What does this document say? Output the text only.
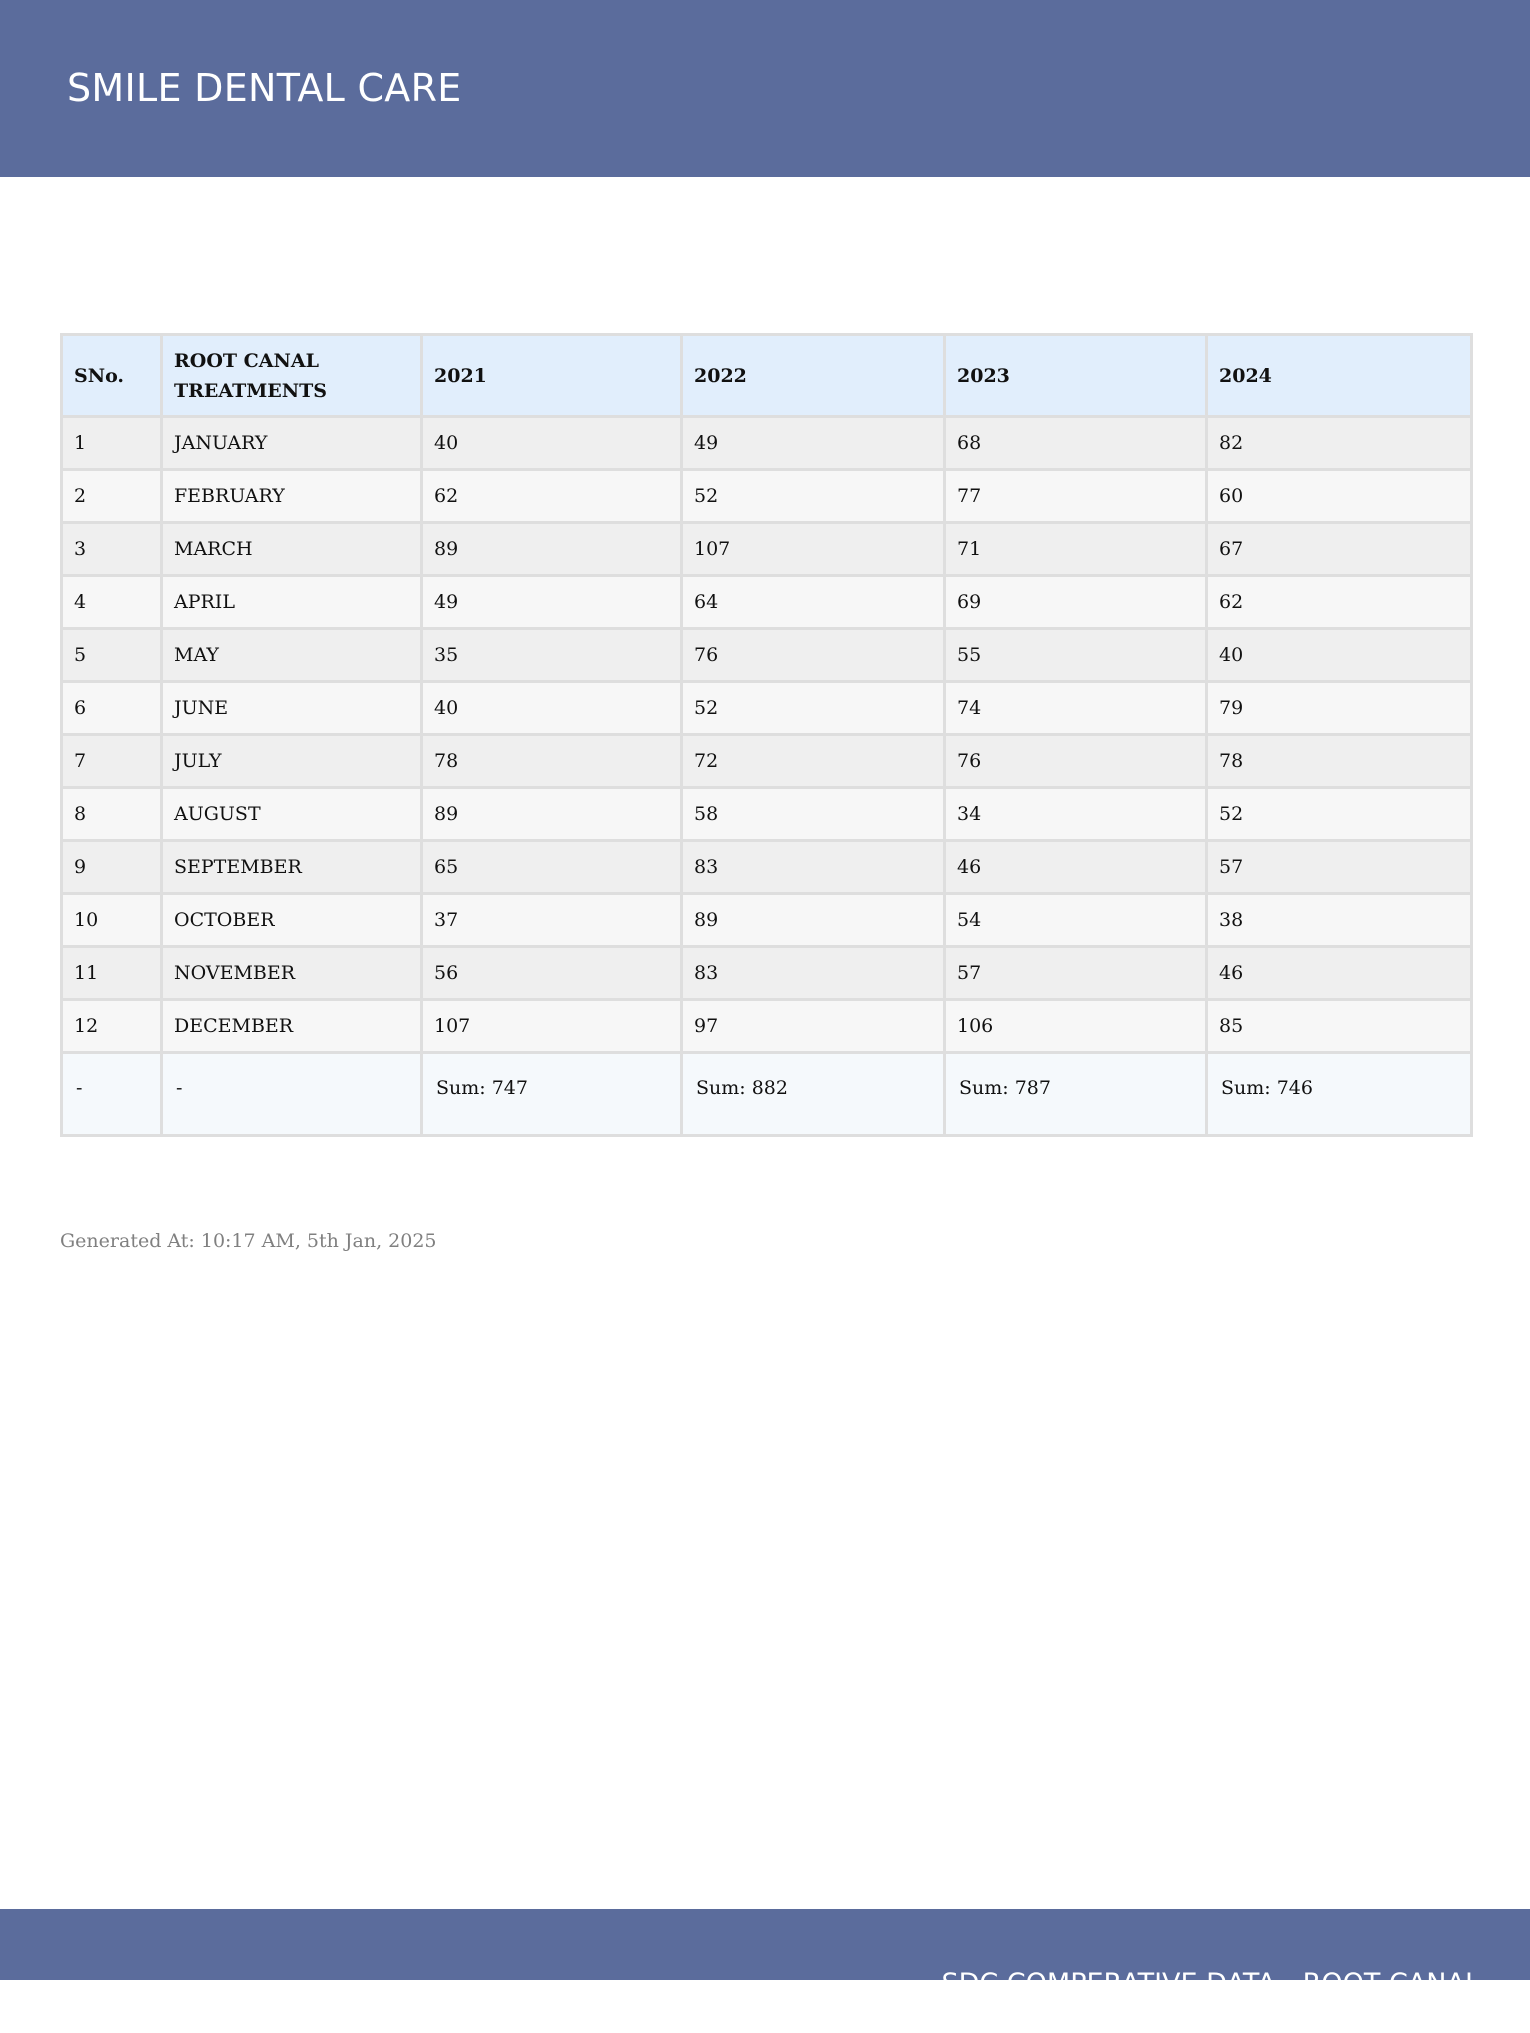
SMILE DENTAL CARE
SNo.	ROOT CANAL TREATMENTS	2021	2022	2023	2024
1	JANUARY	40	49	68	82
2	FEBRUARY	62	52	77	60
3	MARCH	89	107	71	67
4	APRIL	49	64	69	62
5	MAY	35	76	55	40
6	JUNE	40	52	74	79
7	JULY	78	72	76	78
8	AUGUST	89	58	34	52
9	SEPTEMBER	65	83	46	57
10	OCTOBER	37	89	54	38
11	NOVEMBER	56	83	57	46
12	DECEMBER	107	97	106	85
-	-	Sum: 747	Sum: 882	Sum: 787	Sum: 746
Generated At: 10:17 AM, 5th Jan, 2025
SDC COMPERATIVE DATA - ROOT CANAL TREATMENTS -> Page 1
